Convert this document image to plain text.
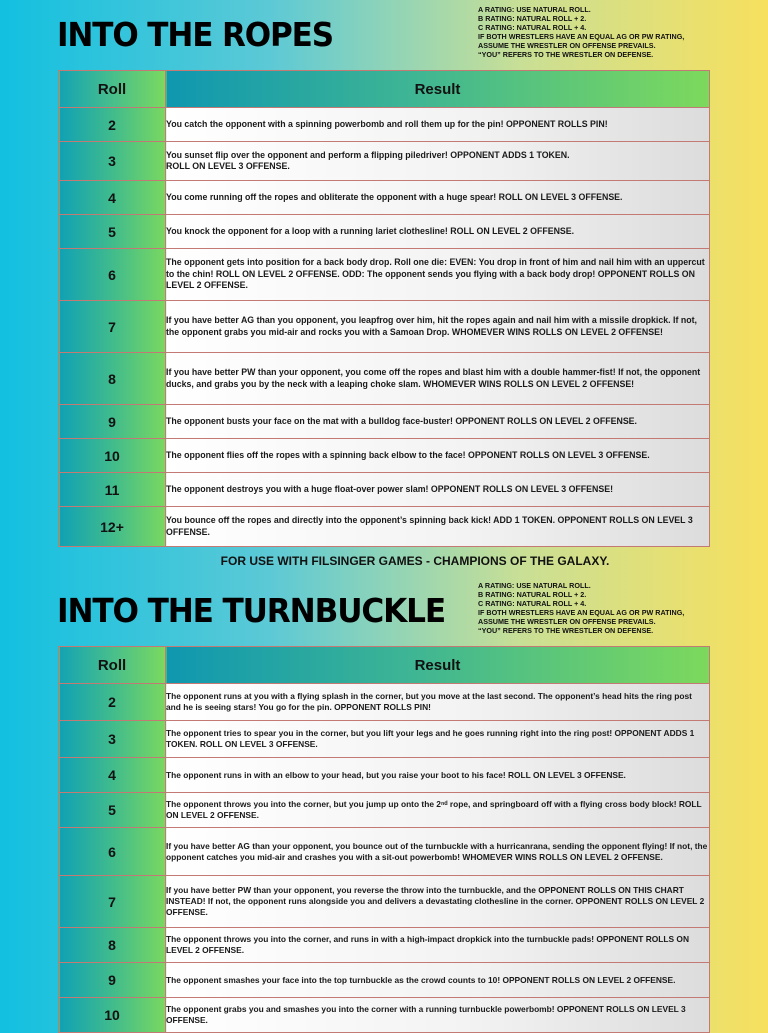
INTO THE ROPES
A RATING: USE NATURAL ROLL.
B RATING: NATURAL ROLL + 2.
C RATING: NATURAL ROLL + 4.
IF BOTH WRESTLERS HAVE AN EQUAL AG OR PW RATING,
ASSUME THE WRESTLER ON OFFENSE PREVAILS.
“YOU” REFERS TO THE WRESTLER ON DEFENSE.
Roll	Result
2	You catch the opponent with a spinning powerbomb and roll them up for the pin! OPPONENT ROLLS PIN!
3	You sunset flip over the opponent and perform a flipping piledriver! OPPONENT ADDS 1 TOKEN.
ROLL ON LEVEL 3 OFFENSE.
4	You come running off the ropes and obliterate the opponent with a huge spear! ROLL ON LEVEL 3 OFFENSE.
5	You knock the opponent for a loop with a running lariet clothesline! ROLL ON LEVEL 2 OFFENSE.
6	The opponent gets into position for a back body drop. Roll one die: EVEN: You drop in front of him and nail him with an uppercut to the chin! ROLL ON LEVEL 2 OFFENSE. ODD: The opponent sends you flying with a back body drop! OPPONENT ROLLS ON LEVEL 2 OFFENSE.
7	If you have better AG than you opponent, you leapfrog over him, hit the ropes again and nail him with a missile dropkick. If not, the opponent grabs you mid-air and rocks you with a Samoan Drop. WHOMEVER WINS ROLLS ON LEVEL 2 OFFENSE!
8	If you have better PW than your opponent, you come off the ropes and blast him with a double hammer-fist! If not, the opponent ducks, and grabs you by the neck with a leaping choke slam. WHOMEVER WINS ROLLS ON LEVEL 2 OFFENSE!
9	The opponent busts your face on the mat with a bulldog face-buster! OPPONENT ROLLS ON LEVEL 2 OFFENSE.
10	The opponent flies off the ropes with a spinning back elbow to the face! OPPONENT ROLLS ON LEVEL 3 OFFENSE.
11	The opponent destroys you with a huge float-over power slam! OPPONENT ROLLS ON LEVEL 3 OFFENSE!
12+	You bounce off the ropes and directly into the opponent’s spinning back kick! ADD 1 TOKEN. OPPONENT ROLLS ON LEVEL 3 OFFENSE.
FOR USE WITH FILSINGER GAMES - CHAMPIONS OF THE GALAXY.
INTO THE TURNBUCKLE
A RATING: USE NATURAL ROLL.
B RATING: NATURAL ROLL + 2.
C RATING: NATURAL ROLL + 4.
IF BOTH WRESTLERS HAVE AN EQUAL AG OR PW RATING,
ASSUME THE WRESTLER ON OFFENSE PREVAILS.
“YOU” REFERS TO THE WRESTLER ON DEFENSE.
Roll	Result
2	The opponent runs at you with a flying splash in the corner, but you move at the last second. The opponent’s head hits the ring post and he is seeing stars! You go for the pin. OPPONENT ROLLS PIN!
3	The opponent tries to spear you in the corner, but you lift your legs and he goes running right into the ring post! OPPONENT ADDS 1 TOKEN. ROLL ON LEVEL 3 OFFENSE.
4	The opponent runs in with an elbow to your head, but you raise your boot to his face! ROLL ON LEVEL 3 OFFENSE.
5	The opponent throws you into the corner, but you jump up onto the 2ⁿᵈ rope, and springboard off with a flying cross body block! ROLL ON LEVEL 2 OFFENSE.
6	If you have better AG than your opponent, you bounce out of the turnbuckle with a hurricanrana, sending the opponent flying! If not, the opponent catches you mid-air and crashes you with a sit-out powerbomb! WHOMEVER WINS ROLLS ON LEVEL 2 OFFENSE.
7	If you have better PW than your opponent, you reverse the throw into the turnbuckle, and the OPPONENT ROLLS ON THIS CHART INSTEAD! If not, the opponent runs alongside you and delivers a devastating clothesline in the corner. OPPONENT ROLLS ON LEVEL 2 OFFENSE.
8	The opponent throws you into the corner, and runs in with a high-impact dropkick into the turnbuckle pads! OPPONENT ROLLS ON LEVEL 2 OFFENSE.
9	The opponent smashes your face into the top turnbuckle as the crowd counts to 10! OPPONENT ROLLS ON LEVEL 2 OFFENSE.
10	The opponent grabs you and smashes you into the corner with a running turnbuckle powerbomb! OPPONENT ROLLS ON LEVEL 3 OFFENSE.
